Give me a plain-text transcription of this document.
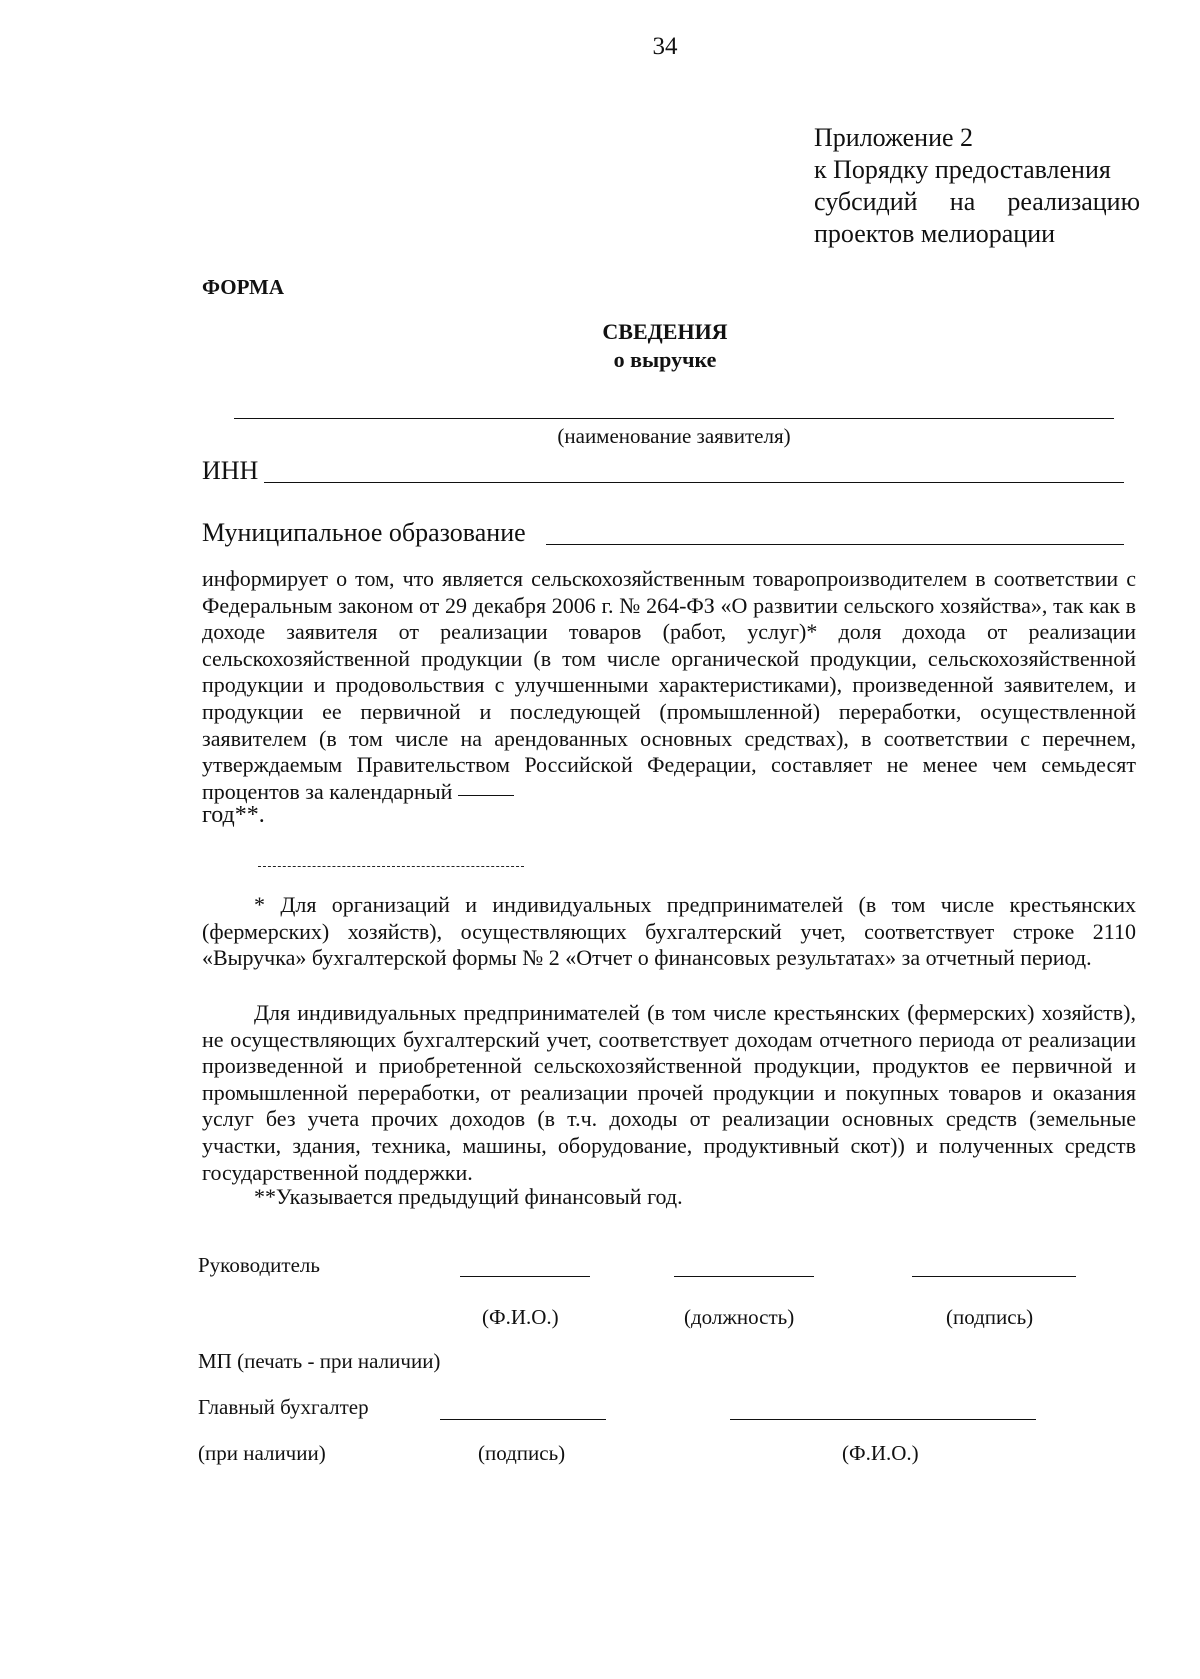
34
Приложение 2
к Порядку предоставления
субсидий на реализацию
проектов мелиорации
ФОРМА
СВЕДЕНИЯ
о выручке
(наименование заявителя)
ИНН
Муниципальное образование
информирует о том, что является сельскохозяйственным товаропроизводителем в соответствии с Федеральным законом от 29 декабря 2006 г. № 264-ФЗ «О развитии сельского хозяйства», так как в доходе заявителя от реализации товаров (работ, услуг)* доля дохода от реализации сельскохозяйственной продукции (в том числе органической продукции, сельскохозяйственной продукции и продовольствия с улучшенными характеристиками), произведенной заявителем, и продукции ее первичной и последующей (промышленной) переработки, осуществленной заявителем (в том числе на арендованных основных средствах), в соответствии с перечнем, утверждаемым Правительством Российской Федерации, составляет не менее чем семьдесят процентов за календарный
год**.
* Для организаций и индивидуальных предпринимателей (в том числе крестьянских (фермерских) хозяйств), осуществляющих бухгалтерский учет, соответствует строке 2110 «Выручка» бухгалтерской формы № 2 «Отчет о финансовых результатах» за отчетный период.
Для индивидуальных предпринимателей (в том числе крестьянских (фермерских) хозяйств), не осуществляющих бухгалтерский учет, соответствует доходам отчетного периода от реализации произведенной и приобретенной сельскохозяйственной продукции, продуктов ее первичной и промышленной переработки, от реализации прочей продукции и покупных товаров и оказания услуг без учета прочих доходов (в т.ч. доходы от реализации основных средств (земельные участки, здания, техника, машины, оборудование, продуктивный скот)) и полученных средств государственной поддержки.
**Указывается предыдущий финансовый год.
Руководитель
(Ф.И.О.)	(должность)	(подпись)
МП (печать - при наличии)
Главный бухгалтер
(при наличии)	(подпись)	(Ф.И.О.)
